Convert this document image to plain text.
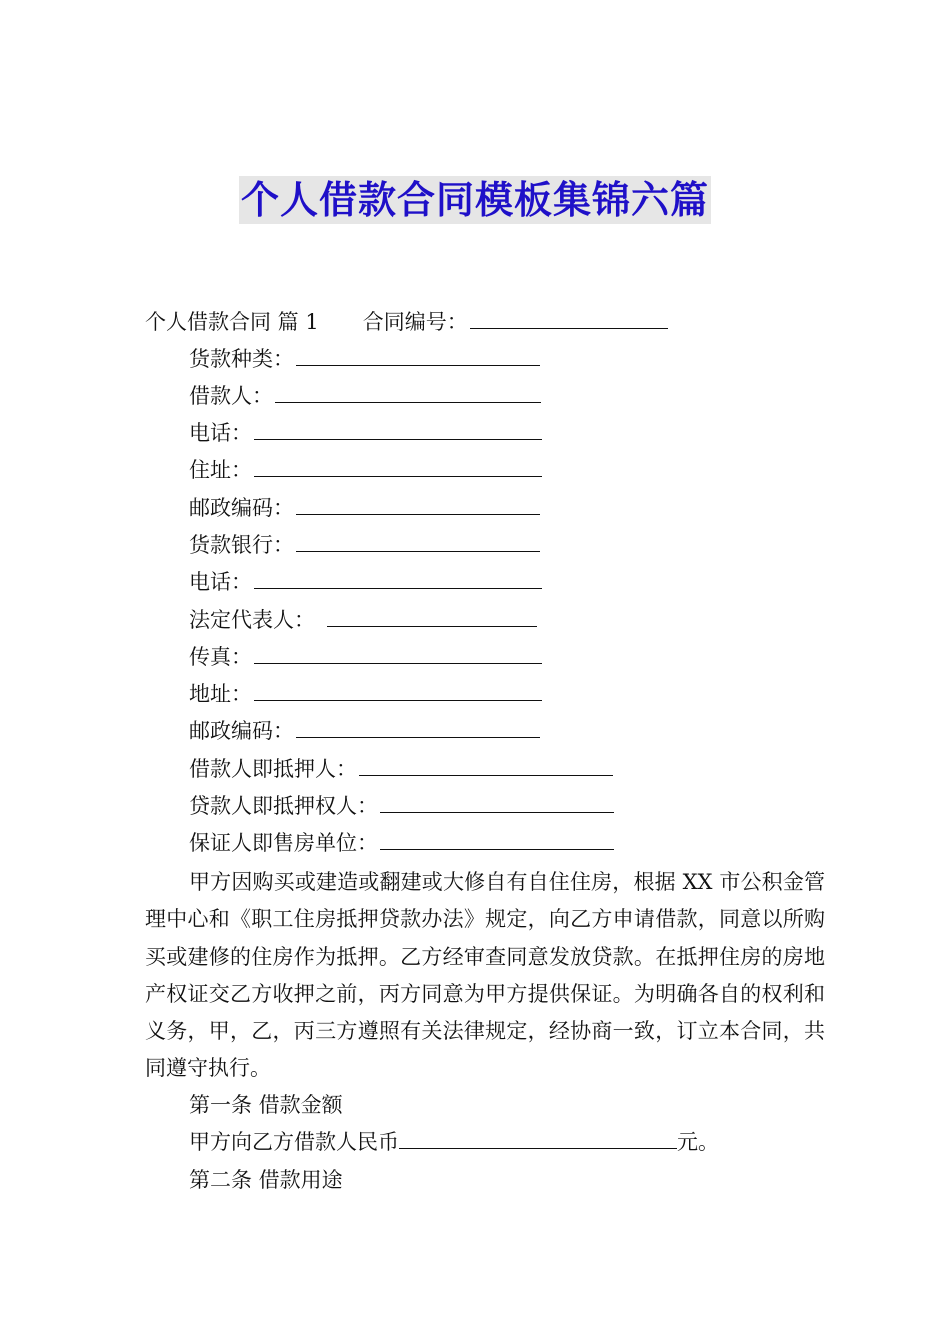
个人借款合同模板集锦六篇
个人借款合同 篇 1 合同编号：
货款种类：
借款人：
电话：
住址：
邮政编码：
货款银行：
电话：
法定代表人：
传真：
地址：
邮政编码：
借款人即抵押人：
贷款人即抵押权人：
保证人即售房单位：
甲方因购买或建造或翻建或大修自有自住住房，根据 XX 市公积金管理中心和《职工住房抵押贷款办法》规定，向乙方申请借款，同意以所购买或建修的住房作为抵押。乙方经审查同意发放贷款。在抵押住房的房地产权证交乙方收押之前，丙方同意为甲方提供保证。为明确各自的权利和义务，甲，乙，丙三方遵照有关法律规定，经协商一致，订立本合同，共同遵守执行。
第一条 借款金额
甲方向乙方借款人民币	元。
第二条 借款用途
